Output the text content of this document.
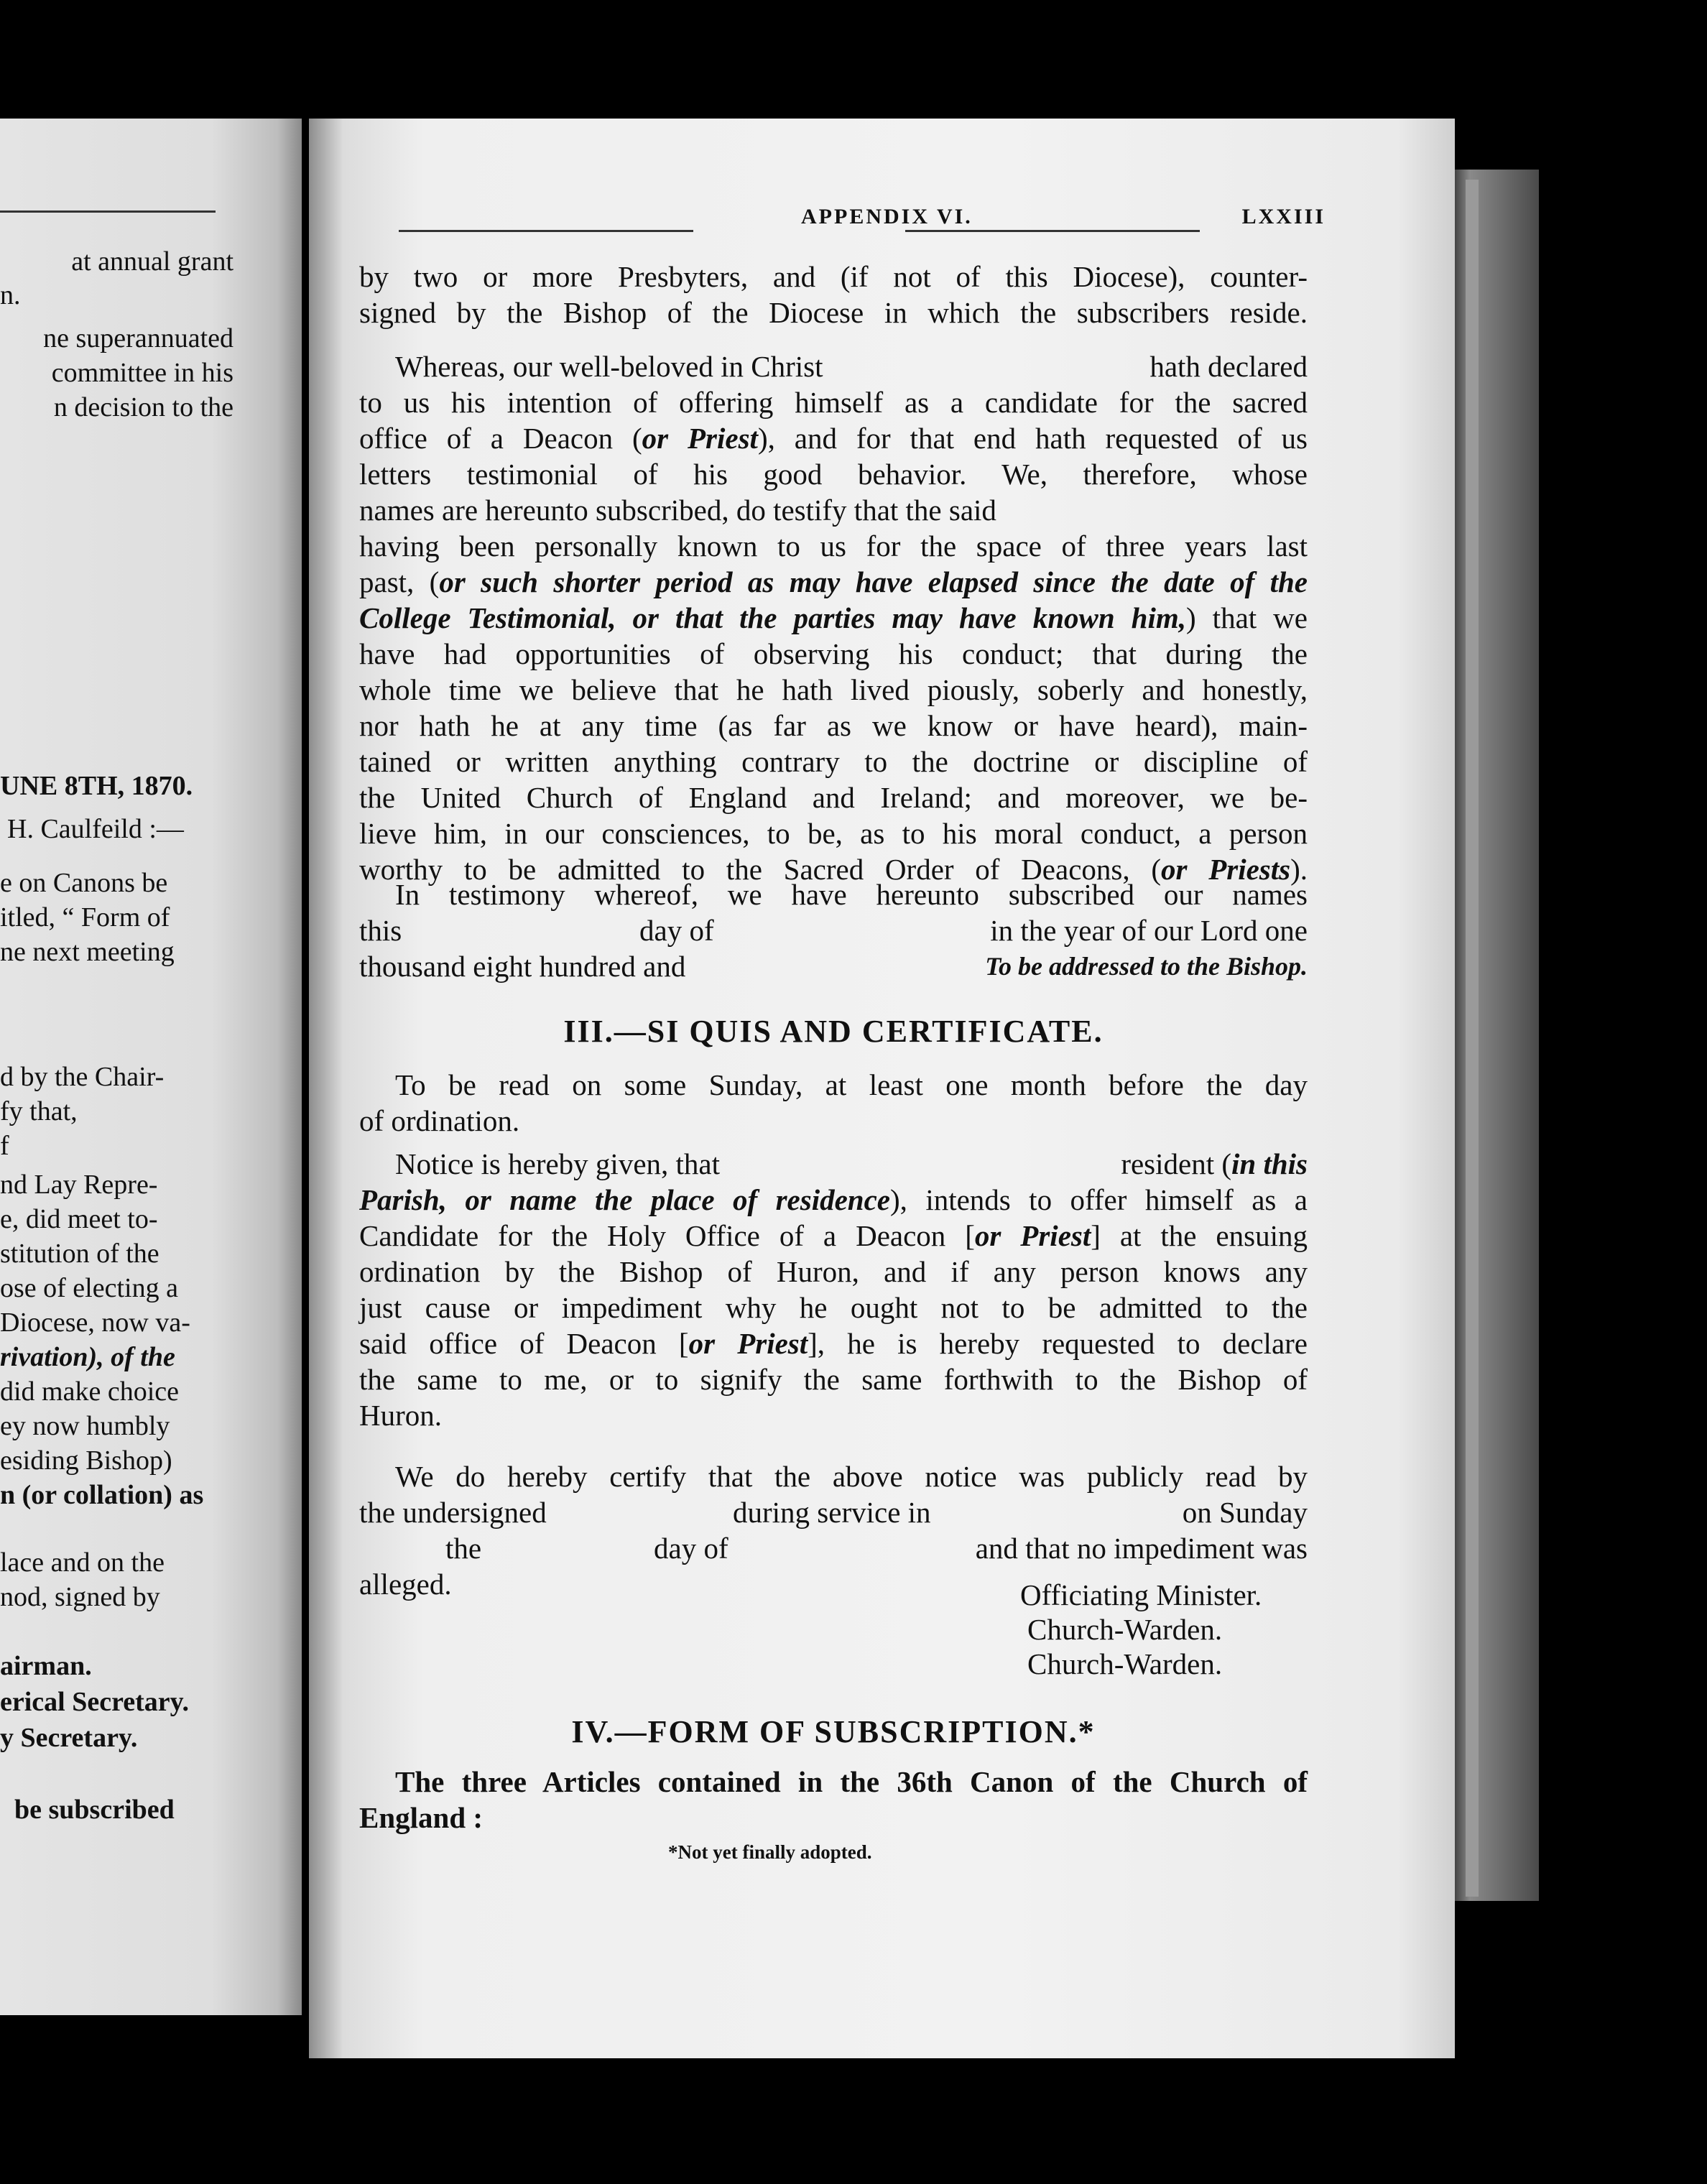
at annual grant
n.
ne superannuated
committee in his
n decision to the
UNE 8TH, 1870.
H. Caulfeild :—
e on Canons be
itled, “ Form of
ne next meeting
d by the Chair-
fy that,
f
nd Lay Repre-
e, did meet to-
stitution of the
ose of electing a
Diocese, now va-
rivation), of the
did make choice
ey now humbly
esiding Bishop)
n (or collation) as
lace and on the
nod, signed by
airman.
erical Secretary.
y Secretary.
be subscribed
APPENDIX VI.	LXXIII
by two or more Presbyters, and (if not of this Diocese), counter-
signed by the Bishop of the Diocese in which the subscribers reside.
Whereas, our well-beloved in Christ	hath declared
to us his intention of offering himself as a candidate for the sacred
office of a Deacon (or Priest), and for that end hath requested of us
letters testimonial of his good behavior. We, therefore, whose
names are hereunto subscribed, do testify that the said
having been personally known to us for the space of three years last
past, (or such shorter period as may have elapsed since the date of the
College Testimonial, or that the parties may have known him,) that we
have had opportunities of observing his conduct; that during the
whole time we believe that he hath lived piously, soberly and honestly,
nor hath he at any time (as far as we know or have heard), main-
tained or written anything contrary to the doctrine or discipline of
the United Church of England and Ireland; and moreover, we be-
lieve him, in our consciences, to be, as to his moral conduct, a person
worthy to be admitted to the Sacred Order of Deacons, (or Priests).
In testimony whereof, we have hereunto subscribed our names
this	day of	in the year of our Lord one
thousand eight hundred and	To be addressed to the Bishop.
III.—SI QUIS AND CERTIFICATE.
To be read on some Sunday, at least one month before the day
of ordination.
Notice is hereby given, that	resident (in this
Parish, or name the place of residence), intends to offer himself as a
Candidate for the Holy Office of a Deacon [or Priest] at the ensuing
ordination by the Bishop of Huron, and if any person knows any
just cause or impediment why he ought not to be admitted to the
said office of Deacon [or Priest], he is hereby requested to declare
the same to me, or to signify the same forthwith to the Bishop of
Huron.
We do hereby certify that the above notice was publicly read by
the undersigned	during service in	on Sunday
the	day of	and that no impediment was
alleged.	Officiating Minister.
Church-Warden.
Church-Warden.
IV.—FORM OF SUBSCRIPTION.*
The three Articles contained in the 36th Canon of the Church of
England :
*Not yet finally adopted.
